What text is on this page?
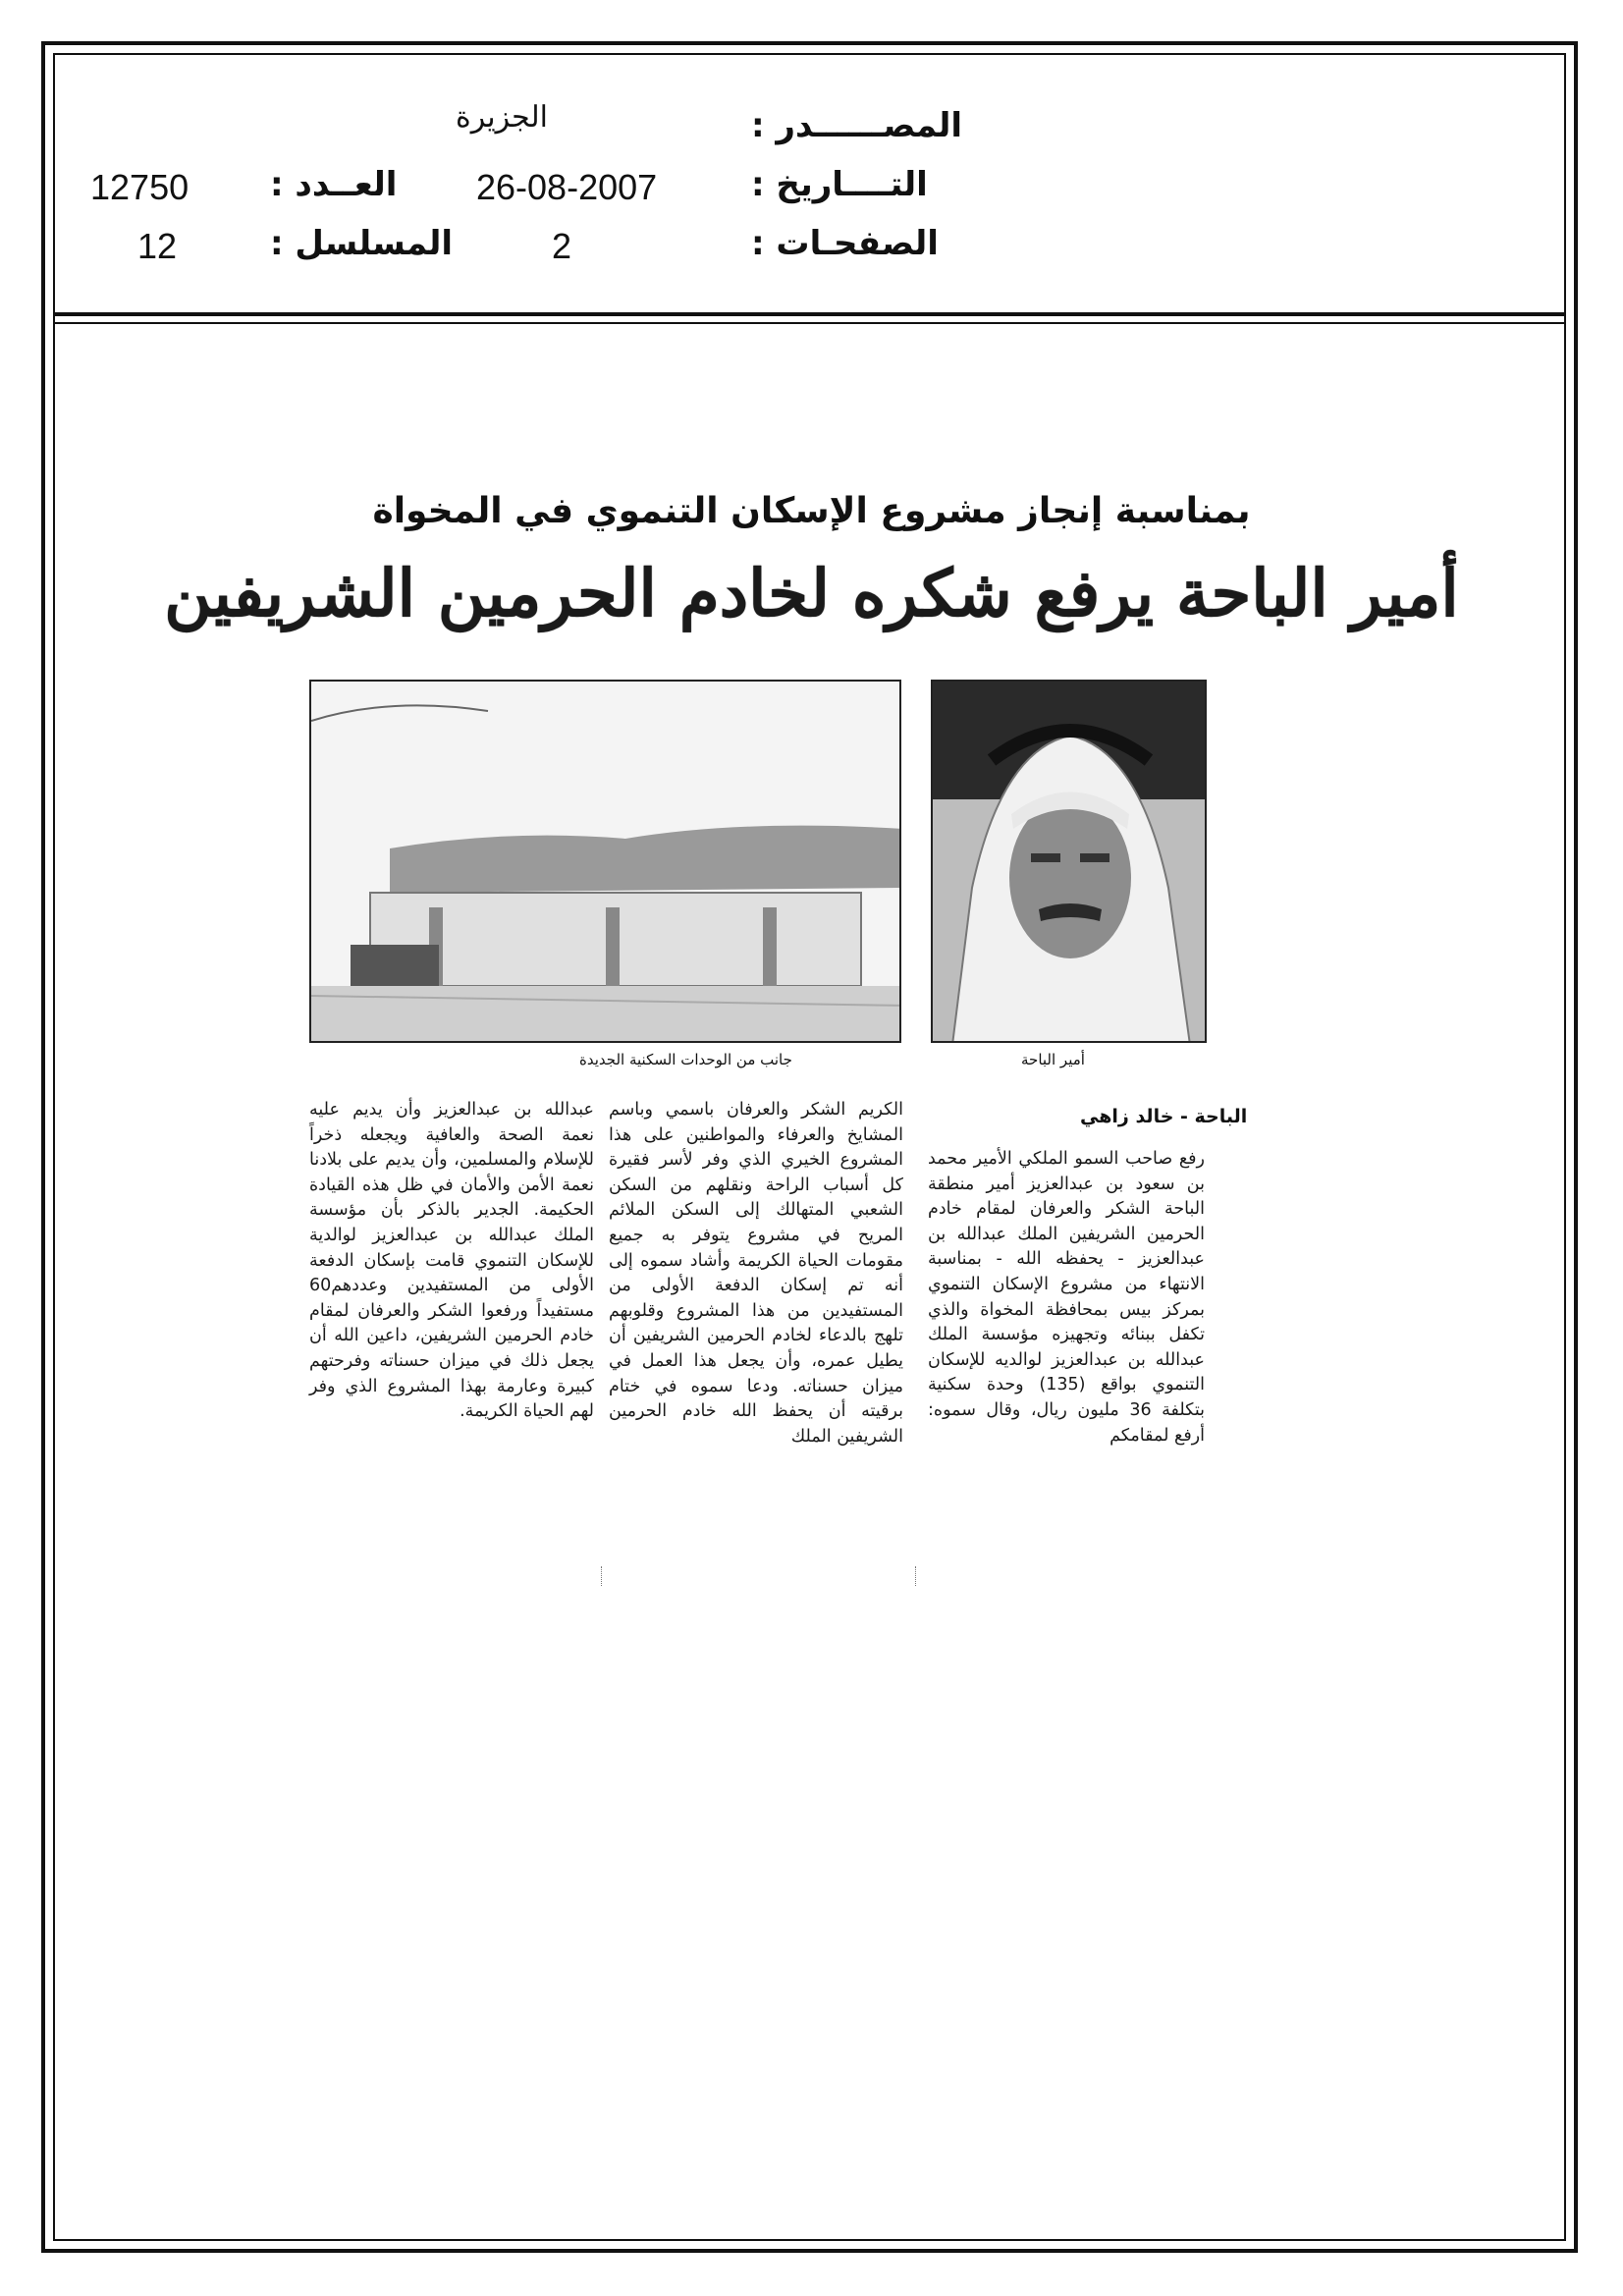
الجزيرة	المصــــــدر :
26-08-2007	التــــاريخ :
12750 العــدد :
2	الصفحـات :
12	المسلسل :
بمناسبة إنجاز مشروع الإسكان التنموي في المخواة
أمير الباحة يرفع شكره لخادم الحرمين الشريفين
أمير الباحة
جانب من الوحدات السكنية الجديدة
الباحة - خالد زاهي
رفع صاحب السمو الملكي الأمير محمد بن سعود بن عبدالعزيز أمير منطقة الباحة الشكر والعرفان لمقام خادم الحرمين الشريفين الملك عبدالله بن عبدالعزيز - يحفظه الله - بمناسبة الانتهاء من مشروع الإسكان التنموي بمركز بيس بمحافظة المخواة والذي تكفل ببنائه وتجهيزه مؤسسة الملك عبدالله بن عبدالعزيز لوالديه للإسكان التنموي بواقع (135) وحدة سكنية بتكلفة 36 مليون ريال، وقال سموه: أرفع لمقامكم
الكريم الشكر والعرفان باسمي وباسم المشايخ والعرفاء والمواطنين على هذا المشروع الخيري الذي وفر لأسر فقيرة كل أسباب الراحة ونقلهم من السكن الشعبي المتهالك إلى السكن الملائم المريح في مشروع يتوفر به جميع مقومات الحياة الكريمة وأشاد سموه إلى أنه تم إسكان الدفعة الأولى من المستفيدين من هذا المشروع وقلوبهم تلهج بالدعاء لخادم الحرمين الشريفين أن يطيل عمره، وأن يجعل هذا العمل في ميزان حسناته. ودعا سموه في ختام برقيته أن يحفظ الله خادم الحرمين الشريفين الملك
عبدالله بن عبدالعزيز وأن يديم عليه نعمة الصحة والعافية ويجعله ذخراً للإسلام والمسلمين، وأن يديم على بلادنا نعمة الأمن والأمان في ظل هذه القيادة الحكيمة. الجدير بالذكر بأن مؤسسة الملك عبدالله بن عبدالعزيز لوالدية للإسكان التنموي قامت بإسكان الدفعة الأولى من المستفيدين وعددهم60 مستفيداً ورفعوا الشكر والعرفان لمقام خادم الحرمين الشريفين، داعين الله أن يجعل ذلك في ميزان حسناته وفرحتهم كبيرة وعارمة بهذا المشروع الذي وفر لهم الحياة الكريمة.
